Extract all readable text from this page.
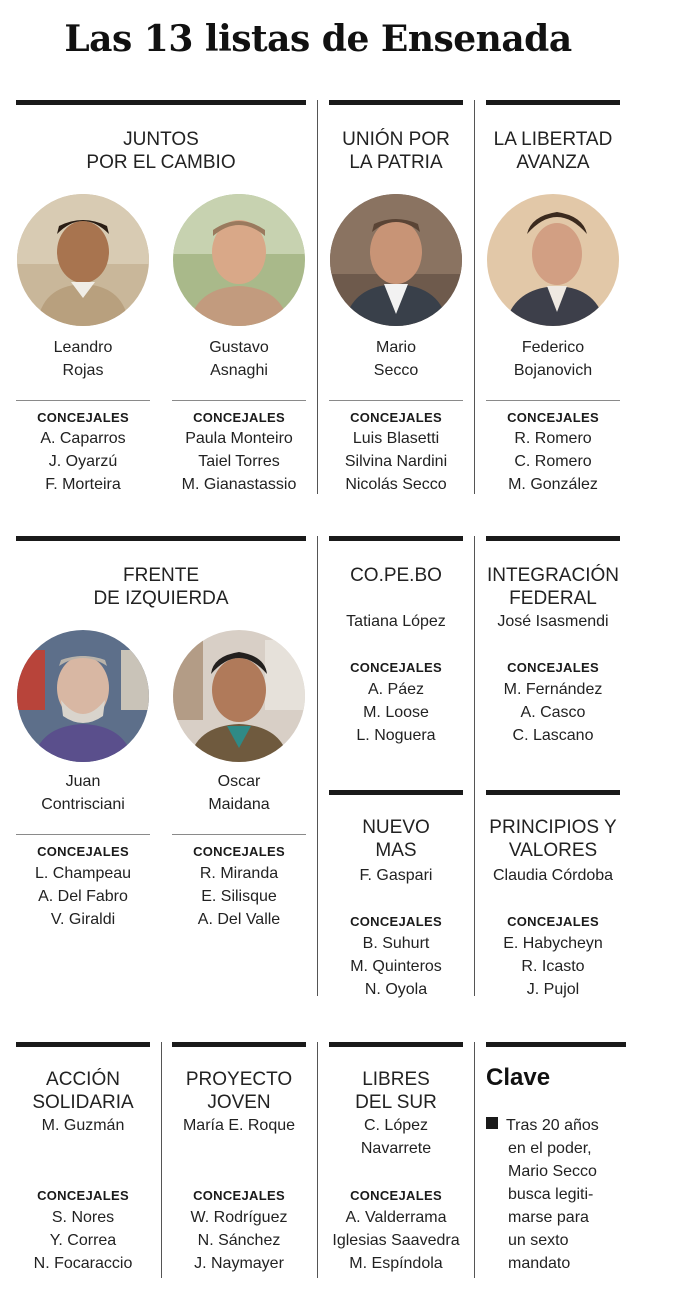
Las 13 listas de Ensenada
JUNTOS
POR EL CAMBIO
Leandro
Rojas
CONCEJALES
A. Caparros
J. Oyarzú
F. Morteira
Gustavo
Asnaghi
CONCEJALES
Paula Monteiro
Taiel Torres
M. Gianastassio
UNIÓN POR
LA PATRIA
Mario
Secco
CONCEJALES
Luis Blasetti
Silvina Nardini
Nicolás Secco
LA LIBERTAD
AVANZA
Federico
Bojanovich
CONCEJALES
R. Romero
C. Romero
M. González
FRENTE
DE IZQUIERDA
Juan
Contrisciani
CONCEJALES
L. Champeau
A. Del Fabro
V. Giraldi
Oscar
Maidana
CONCEJALES
R. Miranda
E. Silisque
A. Del Valle
CO.PE.BO
Tatiana López
CONCEJALES
A. Páez
M. Loose
L. Noguera
INTEGRACIÓN
FEDERAL
José Isasmendi
CONCEJALES
M. Fernández
A. Casco
C. Lascano
NUEVO
MAS
F. Gaspari
CONCEJALES
B. Suhurt
M. Quinteros
N. Oyola
PRINCIPIOS Y
VALORES
Claudia Córdoba
CONCEJALES
E. Habycheyn
R. Icasto
J. Pujol
ACCIÓN
SOLIDARIA
M. Guzmán
CONCEJALES
S. Nores
Y. Correa
N. Focaraccio
PROYECTO
JOVEN
María E. Roque
CONCEJALES
W. Rodríguez
N. Sánchez
J. Naymayer
LIBRES
DEL SUR
C. López
Navarrete
CONCEJALES
A. Valderrama
Iglesias Saavedra
M. Espíndola
Clave
Tras 20 años
en el poder,
Mario Secco
busca legiti-
marse para
un sexto
mandato
